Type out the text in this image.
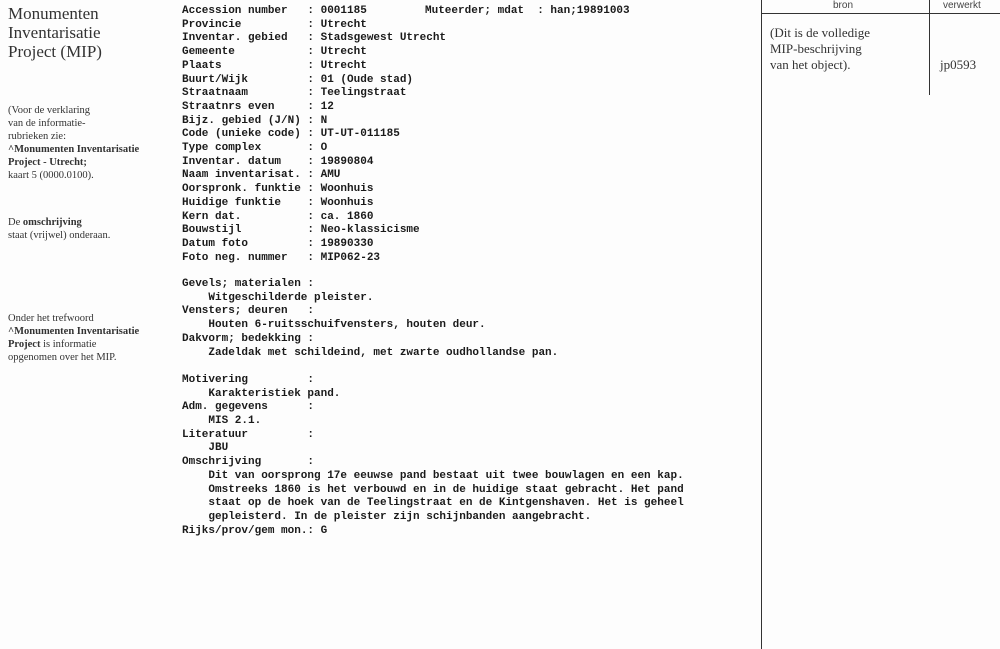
Monumenten
Inventarisatie
Project (MIP)
(Voor de verklaring
van de informatie-
rubrieken zie:
^Monumenten Inventarisatie
Project - Utrecht;
kaart 5 (0000.0100).
De omschrijving
staat (vrijwel) onderaan.
Onder het trefwoord
^Monumenten Inventarisatie
Project is informatie
opgenomen over het MIP.
Accession number	: 0001185
Provincie	: Utrecht
Inventar. gebied	: Stadsgewest Utrecht
Gemeente	: Utrecht
Plaats	: Utrecht
Buurt/Wijk	: 01 (Oude stad)
Straatnaam	: Teelingstraat
Straatnrs even	: 12
Bijz. gebied (J/N) : N
Code (unieke code) : UT-UT-011185
Type complex	: O
Inventar. datum	: 19890804
Naam inventarisat. : AMU
Oorspronk. funktie : Woonhuis
Huidige funktie	: Woonhuis
Kern dat.	: ca. 1860
Bouwstijl	: Neo-klassicisme
Datum foto	: 19890330
Foto neg. nummer	: MIP062-23
Muteerder; mdat : han;19891003
Gevels; materialen :
Witgeschilderde pleister.
Vensters; deuren   :
Houten 6-ruitsschuifvensters, houten deur.
Dakvorm; bedekking :
Zadeldak met schildeind, met zwarte oudhollandse pan.
Motivering         :
Karakteristiek pand.
Adm. gegevens      :
MIS 2.1.
Literatuur         :
JBU
Omschrijving       :
Dit van oorsprong 17e eeuwse pand bestaat uit twee bouwlagen en een kap.
Omstreeks 1860 is het verbouwd en in de huidige staat gebracht. Het pand
staat op de hoek van de Teelingstraat en de Kintgenshaven. Het is geheel
gepleisterd. In de pleister zijn schijnbanden aangebracht.
Rijks/prov/gem mon.: G
bron	verwerkt
(Dit is de volledige
MIP-beschrijving
van het object).	jp0593
